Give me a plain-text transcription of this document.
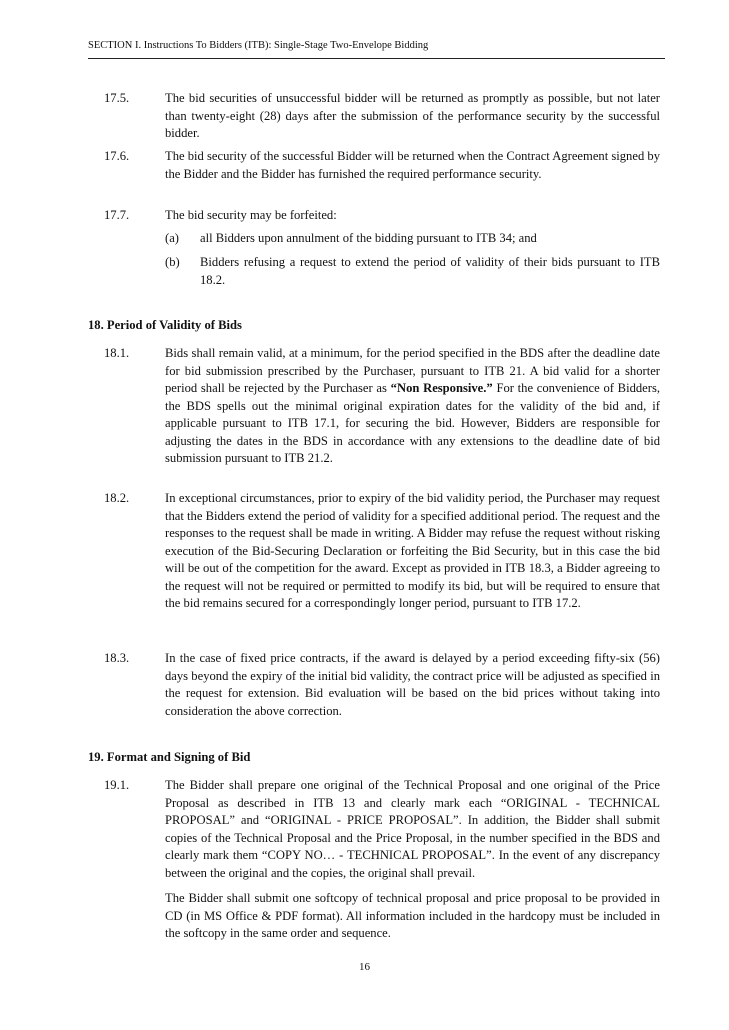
SECTION I. Instructions To Bidders (ITB): Single-Stage Two-Envelope Bidding
17.5.	The bid securities of unsuccessful bidder will be returned as promptly as possible, but not later than twenty-eight (28) days after the submission of the performance security by the successful bidder.

17.6.	The bid security of the successful Bidder will be returned when the Contract Agreement signed by the Bidder and the Bidder has furnished the required performance security.

17.7.	The bid security may be forfeited:

(a) all Bidders upon annulment of the bidding pursuant to ITB 34; and

(b) Bidders refusing a request to extend the period of validity of their bids pursuant to ITB 18.2.

18. Period of Validity of Bids
18.1.	Bids shall remain valid, at a minimum, for the period specified in the BDS after the deadline date for bid submission prescribed by the Purchaser, pursuant to ITB 21. A bid valid for a shorter period shall be rejected by the Purchaser as “Non Responsive.” For the convenience of Bidders, the BDS spells out the minimal original expiration dates for the validity of the bid and, if applicable pursuant to ITB 17.1, for securing the bid. However, Bidders are responsible for adjusting the dates in the BDS in accordance with any extensions to the deadline date of bid submission pursuant to ITB 21.2.

18.2.	In exceptional circumstances, prior to expiry of the bid validity period, the Purchaser may request that the Bidders extend the period of validity for a specified additional period. The request and the responses to the request shall be made in writing. A Bidder may refuse the request without risking execution of the Bid-Securing Declaration or forfeiting the Bid Security, but in this case the bid will be out of the competition for the award. Except as provided in ITB 18.3, a Bidder agreeing to the request will not be required or permitted to modify its bid, but will be required to ensure that the bid remains secured for a correspondingly longer period, pursuant to ITB 17.2.

18.3.	In the case of fixed price contracts, if the award is delayed by a period exceeding fifty-six (56) days beyond the expiry of the initial bid validity, the contract price will be adjusted as specified in the request for extension. Bid evaluation will be based on the bid prices without taking into consideration the above correction.

19. Format and Signing of Bid
19.1.	The Bidder shall prepare one original of the Technical Proposal and one original of the Price Proposal as described in ITB 13 and clearly mark each “ORIGINAL - TECHNICAL PROPOSAL” and “ORIGINAL - PRICE PROPOSAL”. In addition, the Bidder shall submit copies of the Technical Proposal and the Price Proposal, in the number specified in the BDS and clearly mark them “COPY NO… - TECHNICAL PROPOSAL”. In the event of any discrepancy between the original and the copies, the original shall prevail.

The Bidder shall submit one softcopy of technical proposal and price proposal to be provided in CD (in MS Office & PDF format). All information included in the hardcopy must be included in the softcopy in the same order and sequence.

16
